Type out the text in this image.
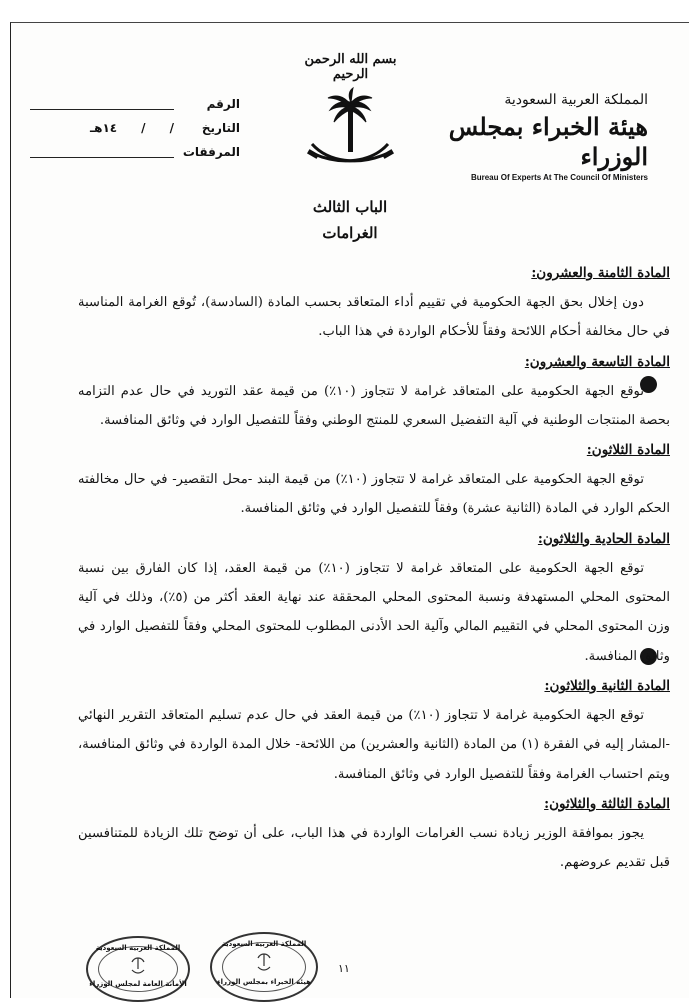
الرقم
التاريخ
/
/
١٤هـ
المرفقات
بسم الله الرحمن الرحيم
المملكة العربية السعودية
هيئة الخبراء بمجلس الوزراء
Bureau Of Experts At The Council Of Ministers
الباب الثالث
الغرامات

المادة الثامنة والعشرون:

دون إخلال بحق الجهة الحكومية في تقييم أداء المتعاقد بحسب المادة (السادسة)، تُوقع الغرامة المناسبة في حال مخالفة أحكام اللائحة وفقاً للأحكام الواردة في هذا الباب.

المادة التاسعة والعشرون:

توقع الجهة الحكومية على المتعاقد غرامة لا تتجاوز (١٠٪) من قيمة عقد التوريد في حال عدم التزامه بحصة المنتجات الوطنية في آلية التفضيل السعري للمنتج الوطني وفقاً للتفصيل الوارد في وثائق المنافسة.

المادة الثلاثون:

توقع الجهة الحكومية على المتعاقد غرامة لا تتجاوز (١٠٪) من قيمة البند -محل التقصير- في حال مخالفته الحكم الوارد في المادة (الثانية عشرة) وفقاً للتفصيل الوارد في وثائق المنافسة.

المادة الحادية والثلاثون:

توقع الجهة الحكومية على المتعاقد غرامة لا تتجاوز (١٠٪) من قيمة العقد، إذا كان الفارق بين نسبة المحتوى المحلي المستهدفة ونسبة المحتوى المحلي المحققة عند نهاية العقد أكثر من (٥٪)، وذلك في آلية وزن المحتوى المحلي في التقييم المالي وآلية الحد الأدنى المطلوب للمحتوى المحلي وفقاً للتفصيل الوارد في وثائق المنافسة.

المادة الثانية والثلاثون:

توقع الجهة الحكومية غرامة لا تتجاوز (١٠٪) من قيمة العقد في حال عدم تسليم المتعاقد التقرير النهائي -المشار إليه في الفقرة (١) من المادة (الثانية والعشرين) من اللائحة- خلال المدة الواردة في وثائق المنافسة، ويتم احتساب الغرامة وفقاً للتفصيل الوارد في وثائق المنافسة.

المادة الثالثة والثلاثون:

يجوز بموافقة الوزير زيادة نسب الغرامات الواردة في هذا الباب، على أن توضح تلك الزيادة للمتنافسين قبل تقديم عروضهم.

١١
المملكة العربية السعودية
الأمانة العامة لمجلس الوزراء
المملكة العربية السعودية
هيئة الخبراء بمجلس الوزراء
